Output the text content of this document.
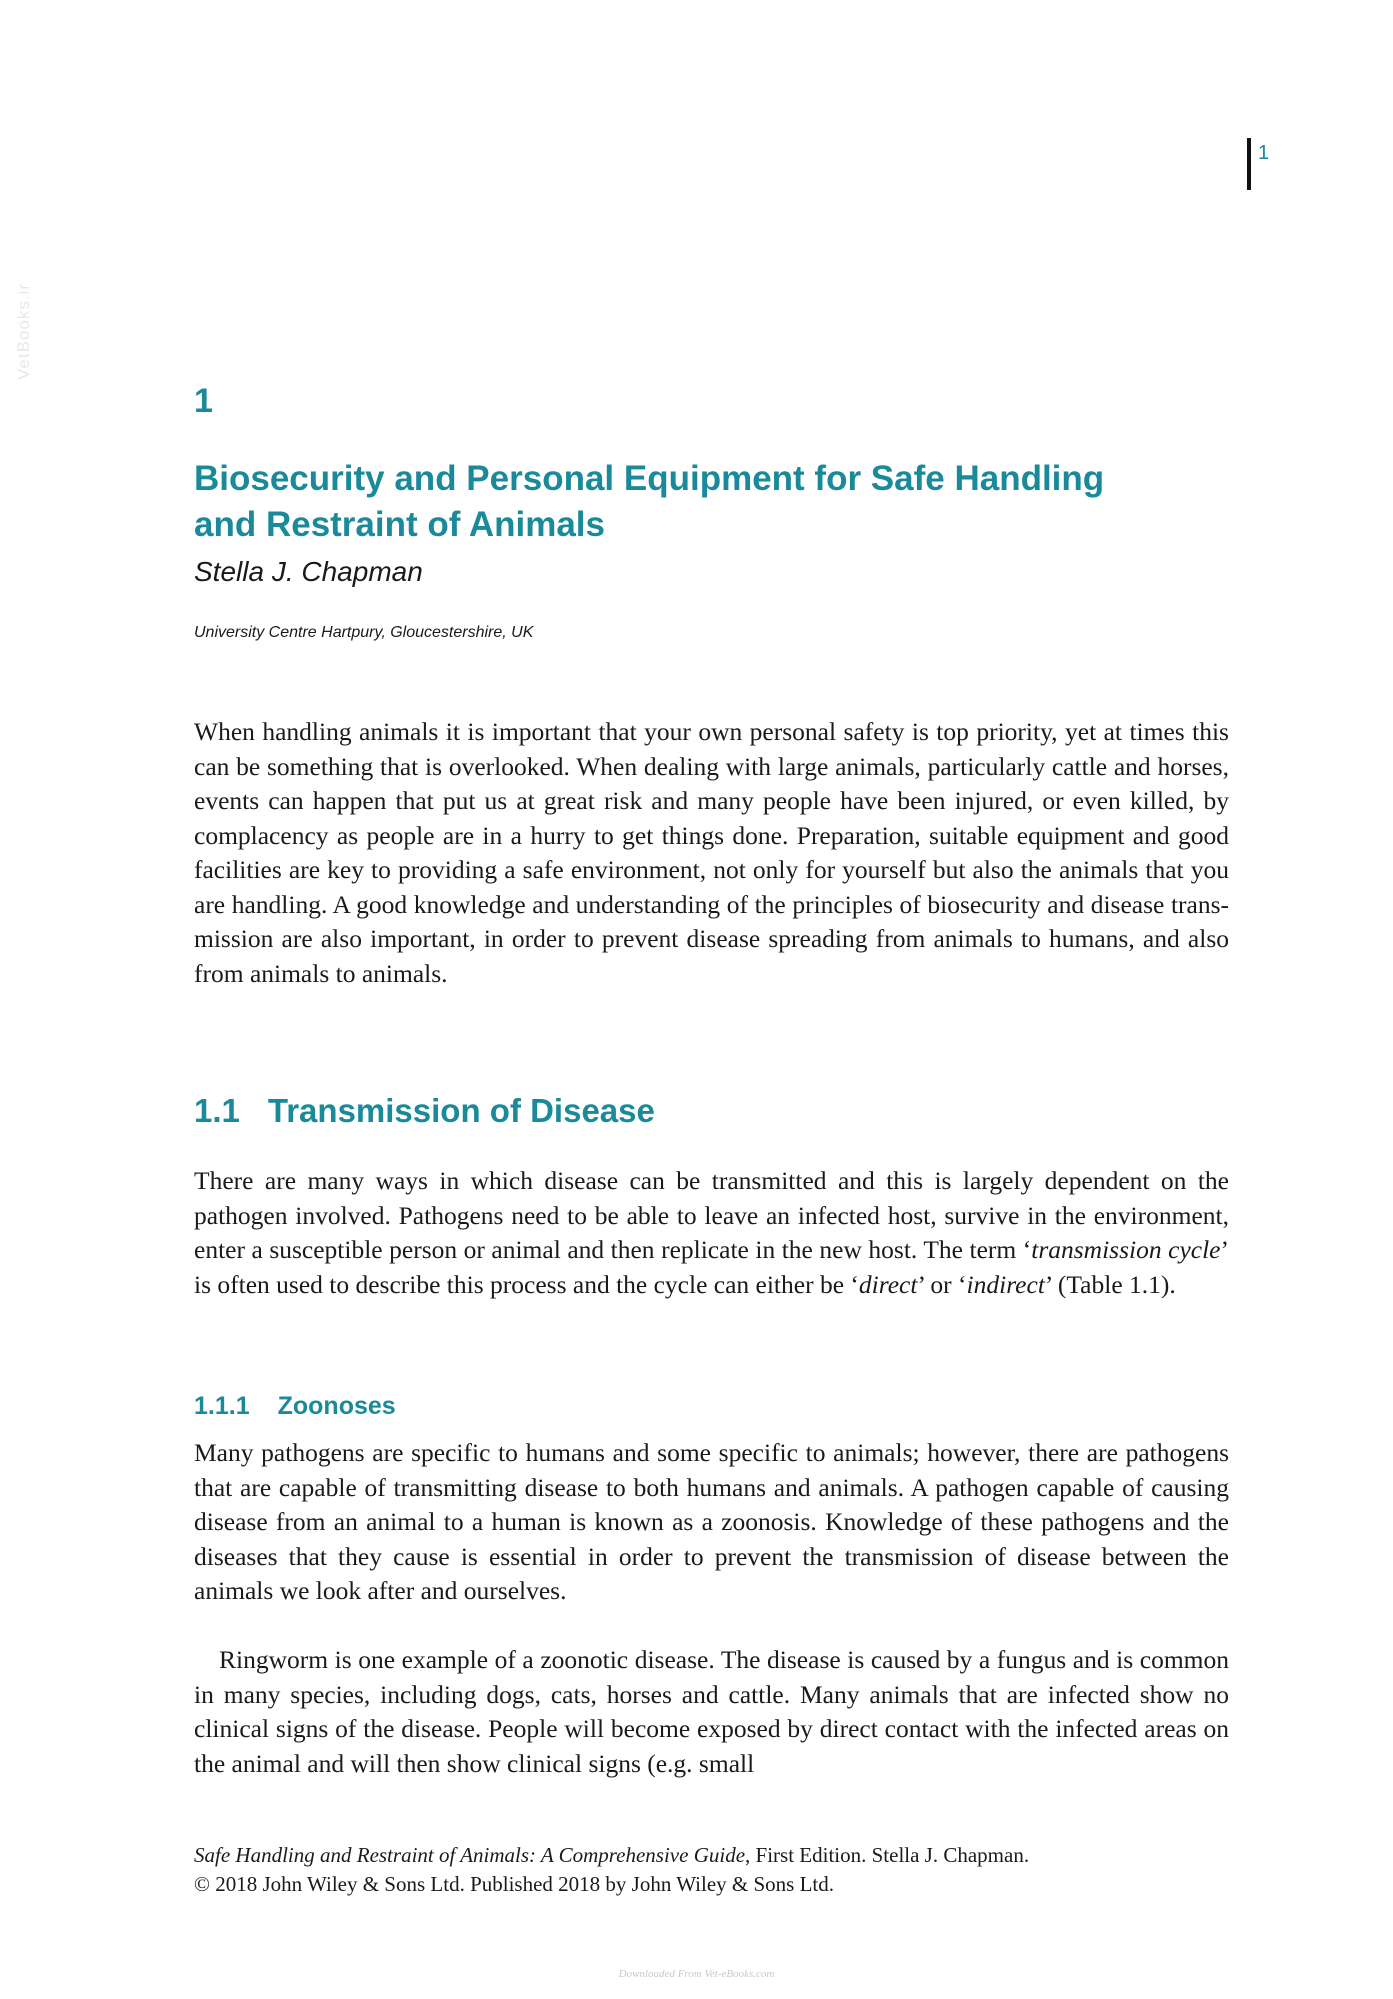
VetBooks.ir
1
1
Biosecurity and Personal Equipment for Safe Handling
and Restraint of Animals
Stella J. Chapman
University Centre Hartpury, Gloucestershire, UK

When handling animals it is important that your own personal safety is top priority, yet at times this can be something that is overlooked. When dealing with large animals, particularly cattle and horses, events can happen that put us at great risk and many people have been injured, or even killed, by complacency as people are in a hurry to get things done. Preparation, suitable equipment and good facilities are key to providing a safe environment, not only for yourself but also the animals that you are handling. A good knowledge and understanding of the principles of biosecurity and disease trans-mission are also important, in order to prevent disease spreading from animals to humans, and also from animals to animals.

1.1 Transmission of Disease

There are many ways in which disease can be transmitted and this is largely dependent on the pathogen involved. Pathogens need to be able to leave an infected host, survive in the environment, enter a susceptible person or animal and then replicate in the new host. The term ‘transmission cycle’ is often used to describe this process and the cycle can either be ‘direct’ or ‘indirect’ (Table 1.1).

1.1.1 Zoonoses

Many pathogens are specific to humans and some specific to animals; however, there are pathogens that are capable of transmitting disease to both humans and animals. A pathogen capable of causing disease from an animal to a human is known as a zoonosis. Knowledge of these pathogens and the diseases that they cause is essential in order to prevent the transmission of disease between the animals we look after and ourselves.

Ringworm is one example of a zoonotic disease. The disease is caused by a fungus and is common in many species, including dogs, cats, horses and cattle. Many animals that are infected show no clinical signs of the disease. People will become exposed by direct contact with the infected areas on the animal and will then show clinical signs (e.g. small

Safe Handling and Restraint of Animals: A Comprehensive Guide, First Edition. Stella J. Chapman.
© 2018 John Wiley & Sons Ltd. Published 2018 by John Wiley & Sons Ltd.
Downloaded From Vet-eBooks.com
